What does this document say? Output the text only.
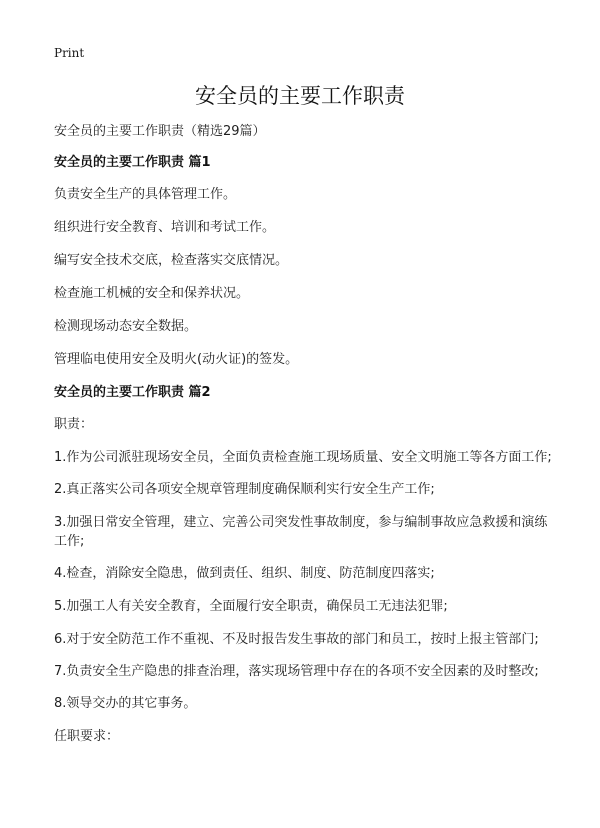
Print
安全员的主要工作职责

安全员的主要工作职责（精选29篇）

安全员的主要工作职责 篇1

负责安全生产的具体管理工作。

组织进行安全教育、培训和考试工作。

编写安全技术交底，检查落实交底情况。

检查施工机械的安全和保养状况。

检测现场动态安全数据。

管理临电使用安全及明火(动火证)的签发。

安全员的主要工作职责 篇2

职责：

1.作为公司派驻现场安全员，全面负责检查施工现场质量、安全文明施工等各方面工作;

2.真正落实公司各项安全规章管理制度确保顺利实行安全生产工作;

3.加强日常安全管理，建立、完善公司突发性事故制度，参与编制事故应急救援和演练工作;

4.检查，消除安全隐患，做到责任、组织、制度、防范制度四落实;

5.加强工人有关安全教育，全面履行安全职责，确保员工无违法犯罪;

6.对于安全防范工作不重视、不及时报告发生事故的部门和员工，按时上报主管部门;

7.负责安全生产隐患的排查治理，落实现场管理中存在的各项不安全因素的及时整改;

8.领导交办的其它事务。

任职要求：
